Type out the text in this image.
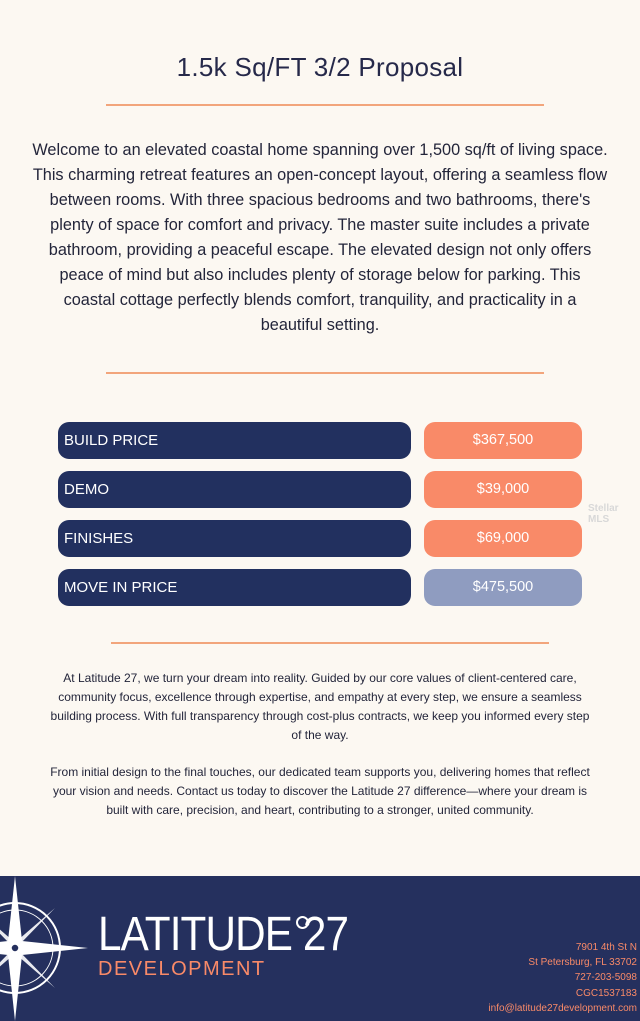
1.5k Sq/FT 3/2 Proposal
Welcome to an elevated coastal home spanning over 1,500 sq/ft of living space. This charming retreat features an open-concept layout, offering a seamless flow between rooms. With three spacious bedrooms and two bathrooms, there's plenty of space for comfort and privacy. The master suite includes a private bathroom, providing a peaceful escape. The elevated design not only offers peace of mind but also includes plenty of storage below for parking. This coastal cottage perfectly blends comfort, tranquility, and practicality in a beautiful setting.
BUILD PRICE	$367,500
DEMO	$39,000
FINISHES	$69,000
MOVE IN PRICE	$475,500
Stellar MLS
At Latitude 27, we turn your dream into reality. Guided by our core values of client-centered care, community focus, excellence through expertise, and empathy at every step, we ensure a seamless building process. With full transparency through cost-plus contracts, we keep you informed every step of the way.
From initial design to the final touches, our dedicated team supports you, delivering homes that reflect your vision and needs. Contact us today to discover the Latitude 27 difference—where your dream is built with care, precision, and heart, contributing to a stronger, united community.
LATITUDE 27
DEVELOPMENT
7901 4th St N
St Petersburg, FL 33702
727-203-5098
CGC1537183
info@latitude27development.com
